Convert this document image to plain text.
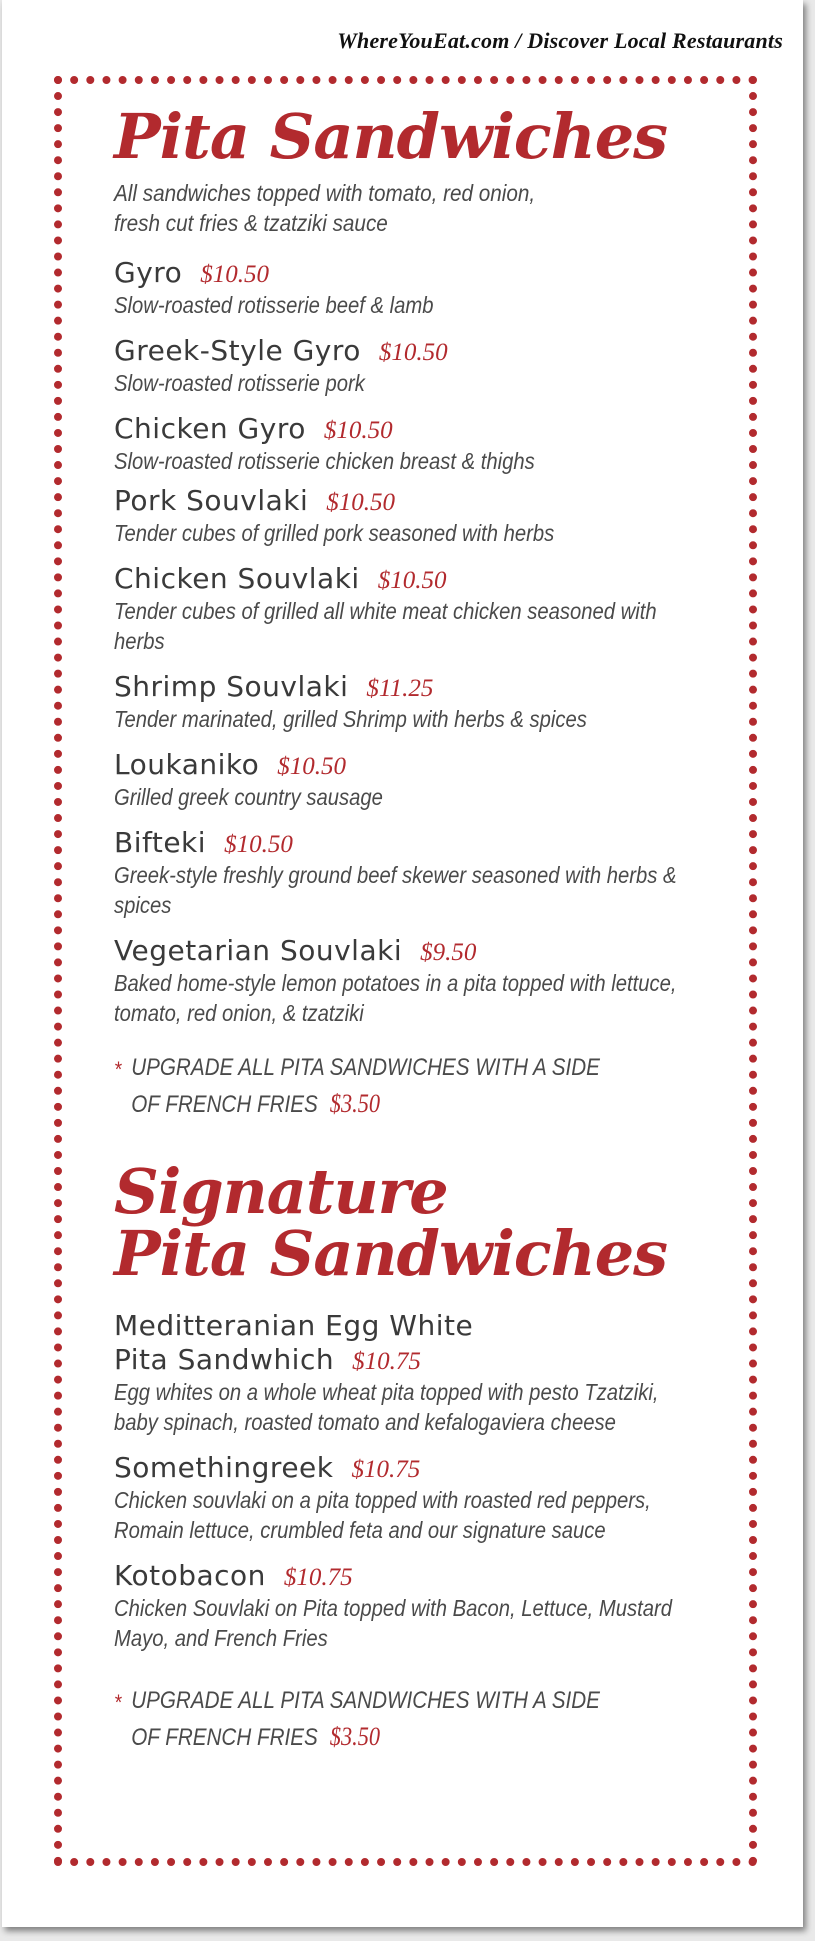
WhereYouEat.com / Discover Local Restaurants
Pita Sandwiches
All sandwiches topped with tomato, red onion,
fresh cut fries & tzatziki sauce
Gyro $10.50
Slow-roasted rotisserie beef & lamb
Greek-Style Gyro $10.50
Slow-roasted rotisserie pork
Chicken Gyro $10.50
Slow-roasted rotisserie chicken breast & thighs
Pork Souvlaki $10.50
Tender cubes of grilled pork seasoned with herbs
Chicken Souvlaki $10.50
Tender cubes of grilled all white meat chicken seasoned with herbs
Shrimp Souvlaki $11.25
Tender marinated, grilled Shrimp with herbs & spices
Loukaniko $10.50
Grilled greek country sausage
Bifteki $10.50
Greek-style freshly ground beef skewer seasoned with herbs & spices
Vegetarian Souvlaki $9.50
Baked home-style lemon potatoes in a pita topped with lettuce, tomato, red onion, & tzatziki
* UPGRADE ALL PITA SANDWICHES WITH A SIDE
OF FRENCH FRIES $3.50
Signature
Pita Sandwiches
Meditteranian Egg White
Pita Sandwhich $10.75
Egg whites on a whole wheat pita topped with pesto Tzatziki, baby spinach, roasted tomato and kefalogaviera cheese
Somethingreek $10.75
Chicken souvlaki on a pita topped with roasted red peppers, Romain lettuce, crumbled feta and our signature sauce
Kotobacon $10.75
Chicken Souvlaki on Pita topped with Bacon, Lettuce, Mustard Mayo, and French Fries
* UPGRADE ALL PITA SANDWICHES WITH A SIDE
OF FRENCH FRIES $3.50
